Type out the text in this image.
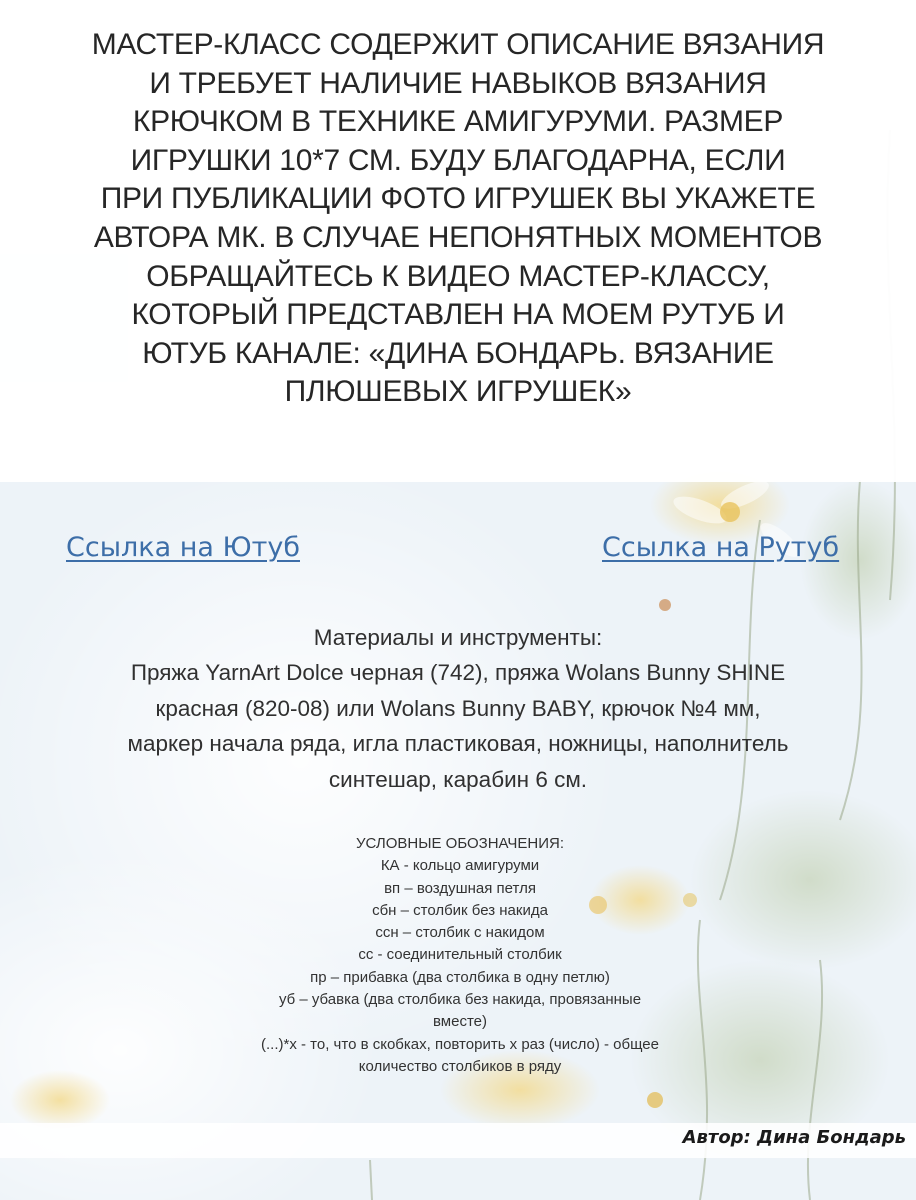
МАСТЕР-КЛАСС СОДЕРЖИТ ОПИСАНИЕ ВЯЗАНИЯ
И ТРЕБУЕТ НАЛИЧИЕ НАВЫКОВ ВЯЗАНИЯ
КРЮЧКОМ В ТЕХНИКЕ АМИГУРУМИ. РАЗМЕР
ИГРУШКИ 10*7 СМ. БУДУ БЛАГОДАРНА, ЕСЛИ
ПРИ ПУБЛИКАЦИИ ФОТО ИГРУШЕК ВЫ УКАЖЕТЕ
АВТОРА МК. В СЛУЧАЕ НЕПОНЯТНЫХ МОМЕНТОВ
ОБРАЩАЙТЕСЬ К ВИДЕО МАСТЕР-КЛАССУ,
КОТОРЫЙ ПРЕДСТАВЛЕН НА МОЕМ РУТУБ И
ЮТУБ КАНАЛЕ: «ДИНА БОНДАРЬ. ВЯЗАНИЕ
ПЛЮШЕВЫХ ИГРУШЕК»

Ссылка на Ютуб	Ссылка на Рутуб

Материалы и инструменты:
Пряжа YarnArt Dolce черная (742), пряжа Wolans Bunny SHINE
красная (820-08) или Wolans Bunny BABY, крючок №4 мм,
маркер начала ряда, игла пластиковая, ножницы, наполнитель
синтешар, карабин 6 см.

УСЛОВНЫЕ ОБОЗНАЧЕНИЯ:
КА - кольцо амигуруми
вп – воздушная петля
сбн – столбик без накида
ссн – столбик с накидом
сс - соединительный столбик
пр – прибавка (два столбика в одну петлю)
уб – убавка (два столбика без накида, провязанные
вместе)
(...)*x - то, что в скобках, повторить x раз (число) - общее
количество столбиков в ряду

Автор: Дина Бондарь
